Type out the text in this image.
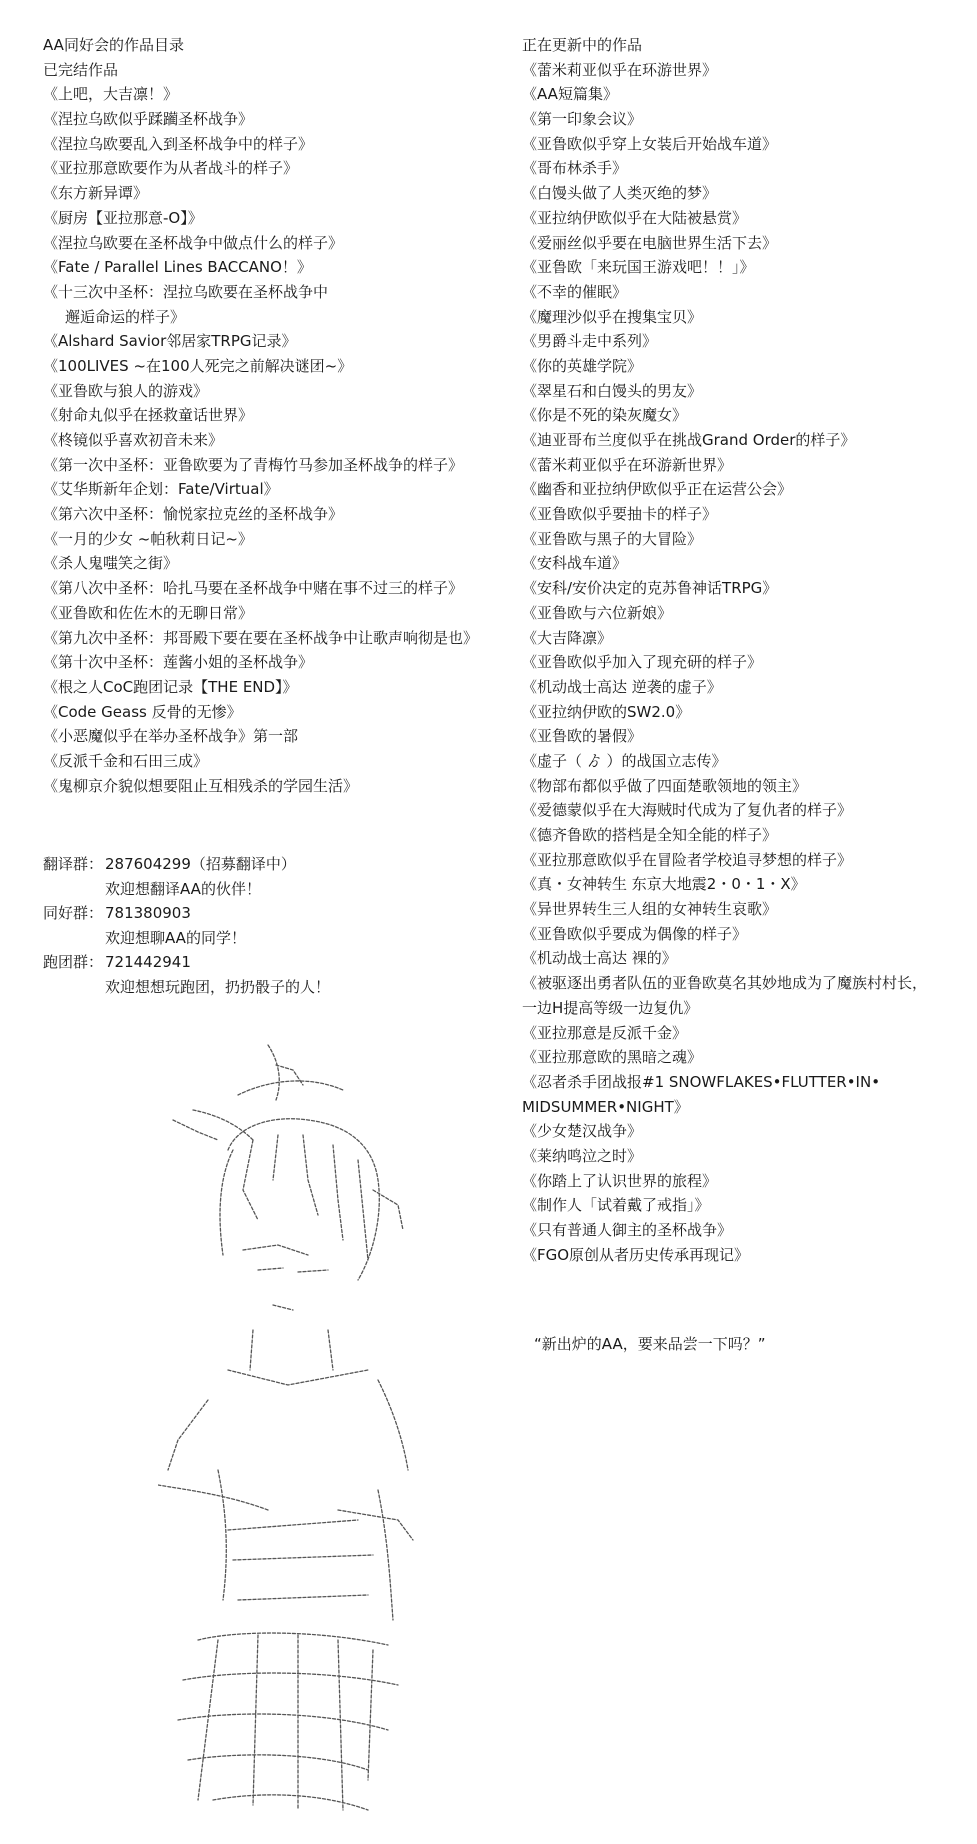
AA同好会的作品目录
已完结作品
《上吧，大吉凛！》
《涅拉乌欧似乎蹂躏圣杯战争》
《涅拉乌欧要乱入到圣杯战争中的样子》
《亚拉那意欧要作为从者战斗的样子》
《东方新异谭》
《厨房【亚拉那意-O】》
《涅拉乌欧要在圣杯战争中做点什么的样子》
《Fate / Parallel Lines BACCANO！》
《十三次中圣杯：涅拉乌欧要在圣杯战争中
邂逅命运的样子》
《Alshard Savior邻居家TRPG记录》
《100LIVES ~在100人死完之前解决谜团~》
《亚鲁欧与狼人的游戏》
《射命丸似乎在拯救童话世界》
《柊镜似乎喜欢初音未来》
《第一次中圣杯：亚鲁欧要为了青梅竹马参加圣杯战争的样子》
《艾华斯新年企划：Fate/Virtual》
《第六次中圣杯：愉悦家拉克丝的圣杯战争》
《一月的少女 ~帕秋莉日记~》
《杀人鬼嗤笑之街》
《第八次中圣杯：哈扎马要在圣杯战争中赌在事不过三的样子》
《亚鲁欧和佐佐木的无聊日常》
《第九次中圣杯：邦哥殿下要在要在圣杯战争中让歌声响彻是也》
《第十次中圣杯：莲酱小姐的圣杯战争》
《根之人CoC跑团记录【THE END】》
《Code Geass 反骨的无惨》
《小恶魔似乎在举办圣杯战争》第一部
《反派千金和石田三成》
《鬼柳京介貌似想要阻止互相残杀的学园生活》
翻译群： 287604299（招募翻译中）
欢迎想翻译AA的伙伴！
同好群： 781380903
欢迎想聊AA的同学！
跑团群： 721442941
欢迎想想玩跑团，扔扔骰子的人！
正在更新中的作品
《蕾米莉亚似乎在环游世界》
《AA短篇集》
《第一印象会议》
《亚鲁欧似乎穿上女装后开始战车道》
《哥布林杀手》
《白馒头做了人类灭绝的梦》
《亚拉纳伊欧似乎在大陆被悬赏》
《爱丽丝似乎要在电脑世界生活下去》
《亚鲁欧「来玩国王游戏吧！！」》
《不幸的催眠》
《魔理沙似乎在搜集宝贝》
《男爵斗走中系列》
《你的英雄学院》
《翠星石和白馒头的男友》
《你是不死的染灰魔女》
《迪亚哥布兰度似乎在挑战Grand Order的样子》
《蕾米莉亚似乎在环游新世界》
《幽香和亚拉纳伊欧似乎正在运营公会》
《亚鲁欧似乎要抽卡的样子》
《亚鲁欧与黑子的大冒险》
《安科战车道》
《安科/安价决定的克苏鲁神话TRPG》
《亚鲁欧与六位新娘》
《大吉降凛》
《亚鲁欧似乎加入了现充研的样子》
《机动战士高达 逆袭的虚子》
《亚拉纳伊欧的SW2.0》
《亚鲁欧的暑假》
《虚子（ ゟ ）的战国立志传》
《物部布都似乎做了四面楚歌领地的领主》
《爱德蒙似乎在大海贼时代成为了复仇者的样子》
《德齐鲁欧的搭档是全知全能的样子》
《亚拉那意欧似乎在冒险者学校追寻梦想的样子》
《真・女神转生 东京大地震2・0・1・X》
《异世界转生三人组的女神转生哀歌》
《亚鲁欧似乎要成为偶像的样子》
《机动战士高达 裸的》
《被驱逐出勇者队伍的亚鲁欧莫名其妙地成为了魔族村村长，
一边H提高等级一边复仇》
《亚拉那意是反派千金》
《亚拉那意欧的黑暗之魂》
《忍者杀手团战报#1 SNOWFLAKES•FLUTTER•IN•
MIDSUMMER•NIGHT》
《少女楚汉战争》
《莱纳鸣泣之时》
《你踏上了认识世界的旅程》
《制作人「试着戴了戒指」》
《只有普通人御主的圣杯战争》
《FGO原创从者历史传承再现记》
“新出炉的AA，要来品尝一下吗？”
